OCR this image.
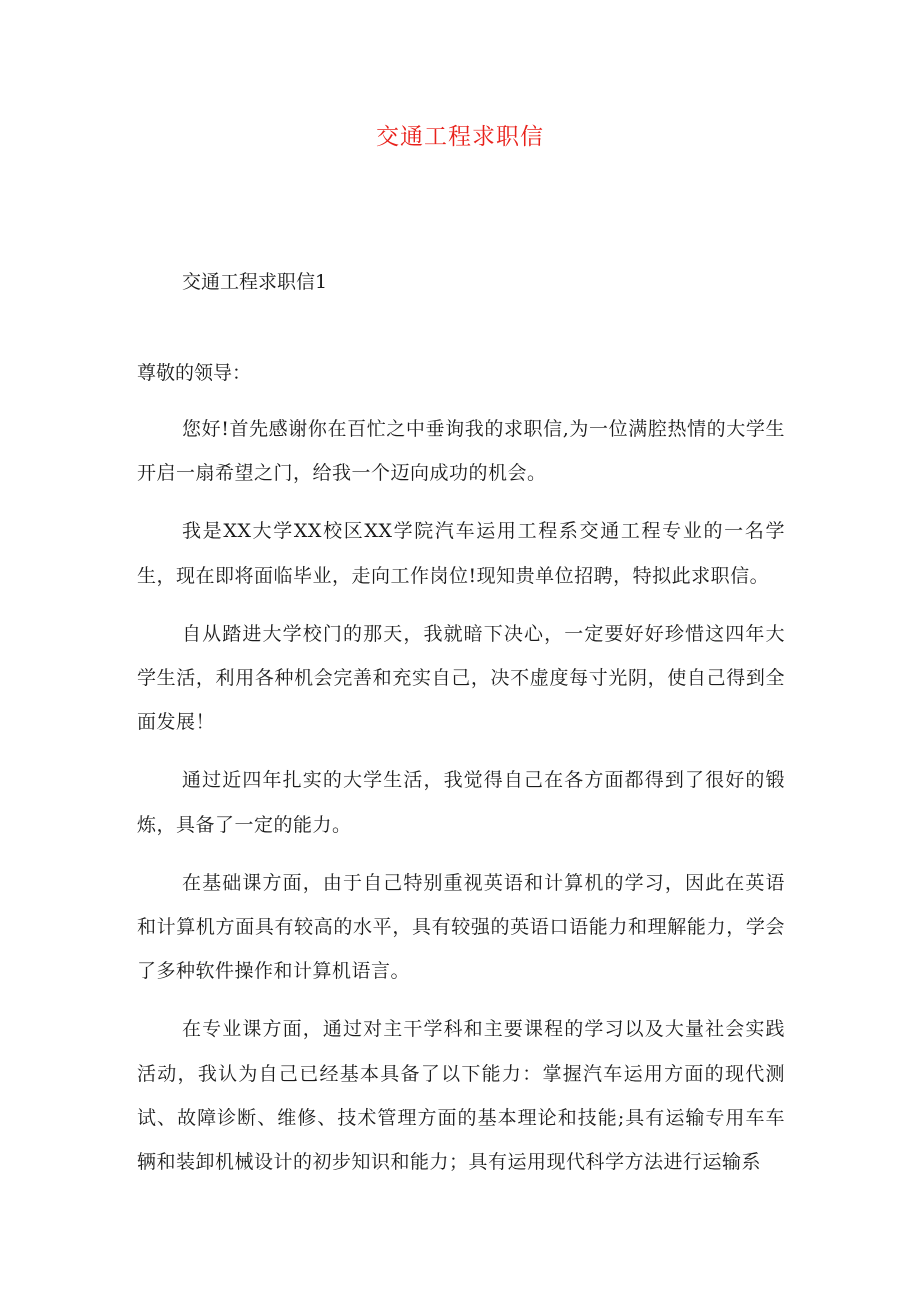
交通工程求职信
交通工程求职信1
尊敬的领导：

您好!首先感谢你在百忙之中垂询我的求职信,为一位满腔热情的大学生开启一扇希望之门，给我一个迈向成功的机会。

我是XX大学XX校区XX学院汽车运用工程系交通工程专业的一名学生，现在即将面临毕业，走向工作岗位!现知贵单位招聘，特拟此求职信。

自从踏进大学校门的那天，我就暗下决心，一定要好好珍惜这四年大学生活，利用各种机会完善和充实自己，决不虚度每寸光阴，使自己得到全面发展！

通过近四年扎实的大学生活，我觉得自己在各方面都得到了很好的锻炼，具备了一定的能力。

在基础课方面，由于自己特别重视英语和计算机的学习，因此在英语和计算机方面具有较高的水平，具有较强的英语口语能力和理解能力，学会了多种软件操作和计算机语言。

在专业课方面，通过对主干学科和主要课程的学习以及大量社会实践活动，我认为自己已经基本具备了以下能力：掌握汽车运用方面的现代测试、故障诊断、维修、技术管理方面的基本理论和技能;具有运输专用车车辆和装卸机械设计的初步知识和能力；具有运用现代科学方法进行运输系
